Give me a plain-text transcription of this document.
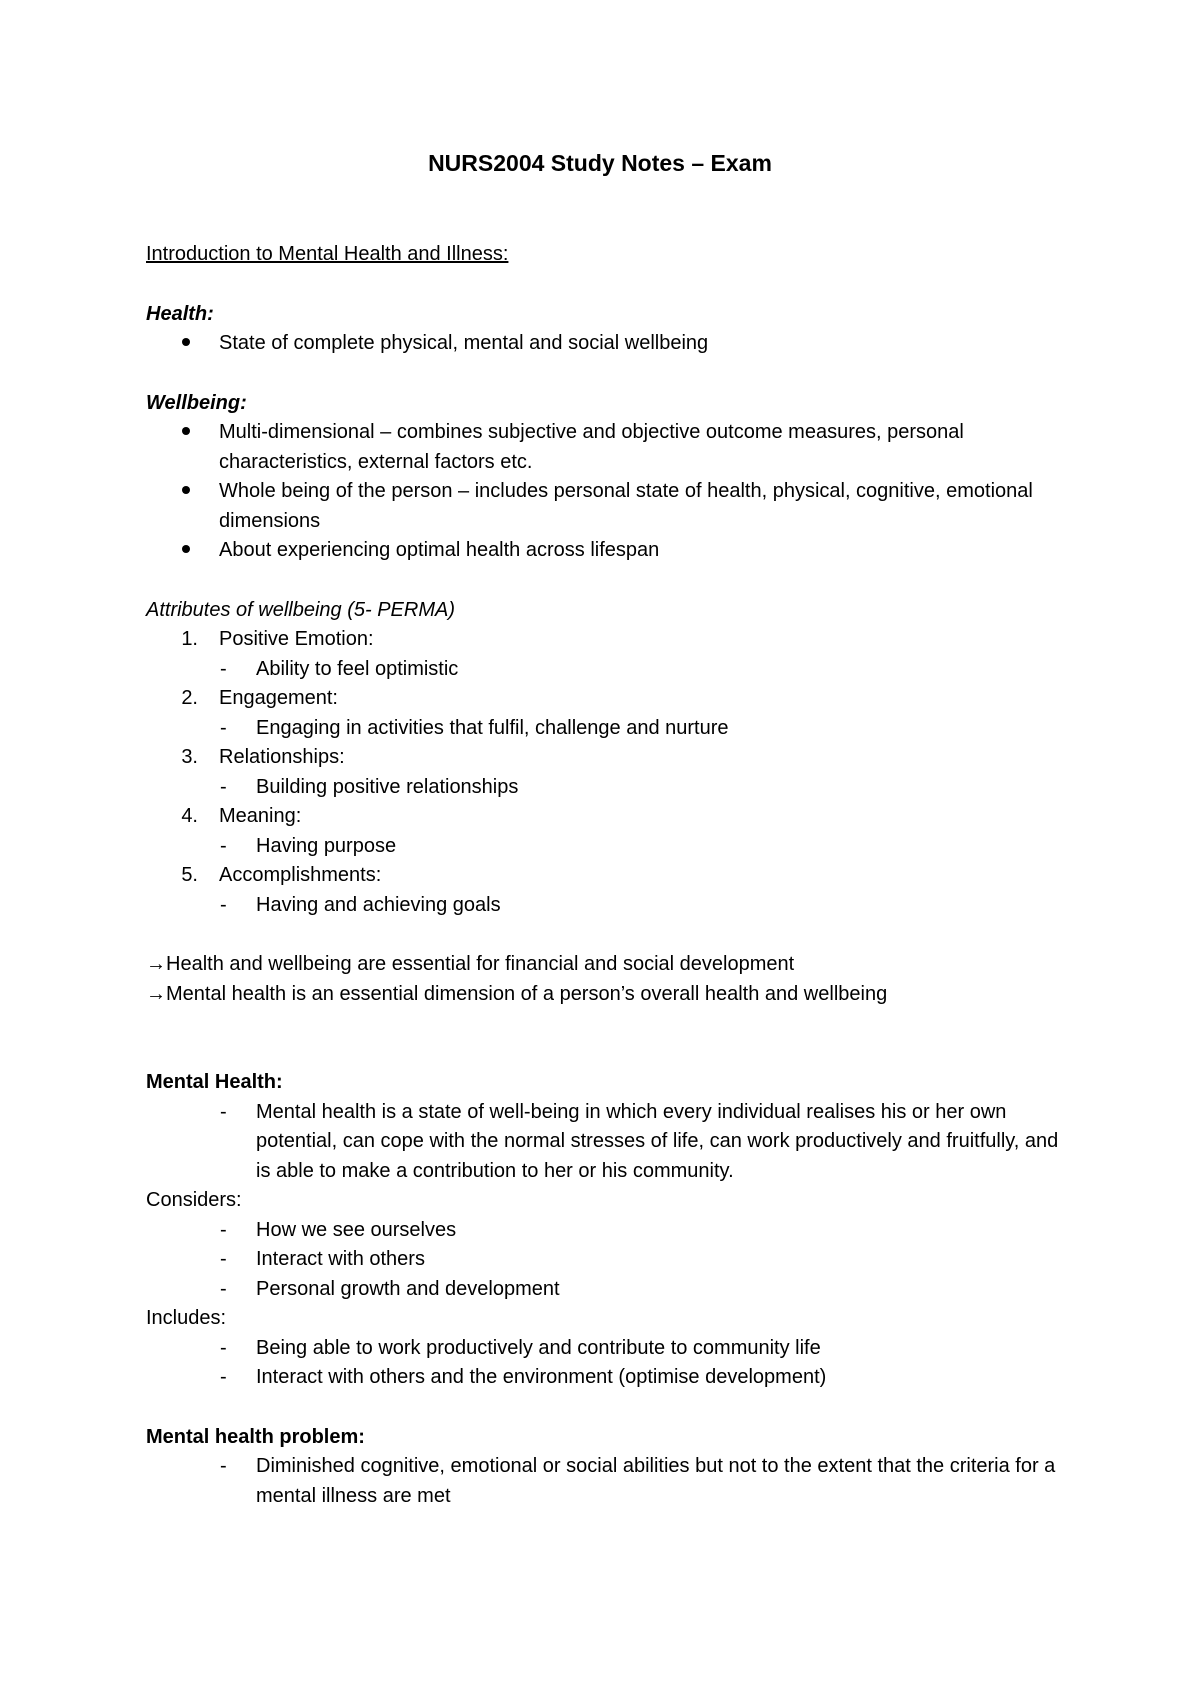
NURS2004 Study Notes – Exam

Introduction to Mental Health and Illness:

Health:

State of complete physical, mental and social wellbeing

Wellbeing:

Multi-dimensional – combines subjective and objective outcome measures, personal characteristics, external factors etc.
Whole being of the person – includes personal state of health, physical, cognitive, emotional dimensions
About experiencing optimal health across lifespan

Attributes of wellbeing (5- PERMA)

1. Positive Emotion:
- Ability to feel optimistic
2. Engagement:
- Engaging in activities that fulfil, challenge and nurture
3. Relationships:
- Building positive relationships
4. Meaning:
- Having purpose
5. Accomplishments:
- Having and achieving goals

→Health and wellbeing are essential for financial and social development

→Mental health is an essential dimension of a person’s overall health and wellbeing

Mental Health:

- Mental health is a state of well-being in which every individual realises his or her own potential, can cope with the normal stresses of life, can work productively and fruitfully, and is able to make a contribution to her or his community.

Considers:

- How we see ourselves
- Interact with others
- Personal growth and development

Includes:

- Being able to work productively and contribute to community life
- Interact with others and the environment (optimise development)

Mental health problem:

- Diminished cognitive, emotional or social abilities but not to the extent that the criteria for a mental illness are met
